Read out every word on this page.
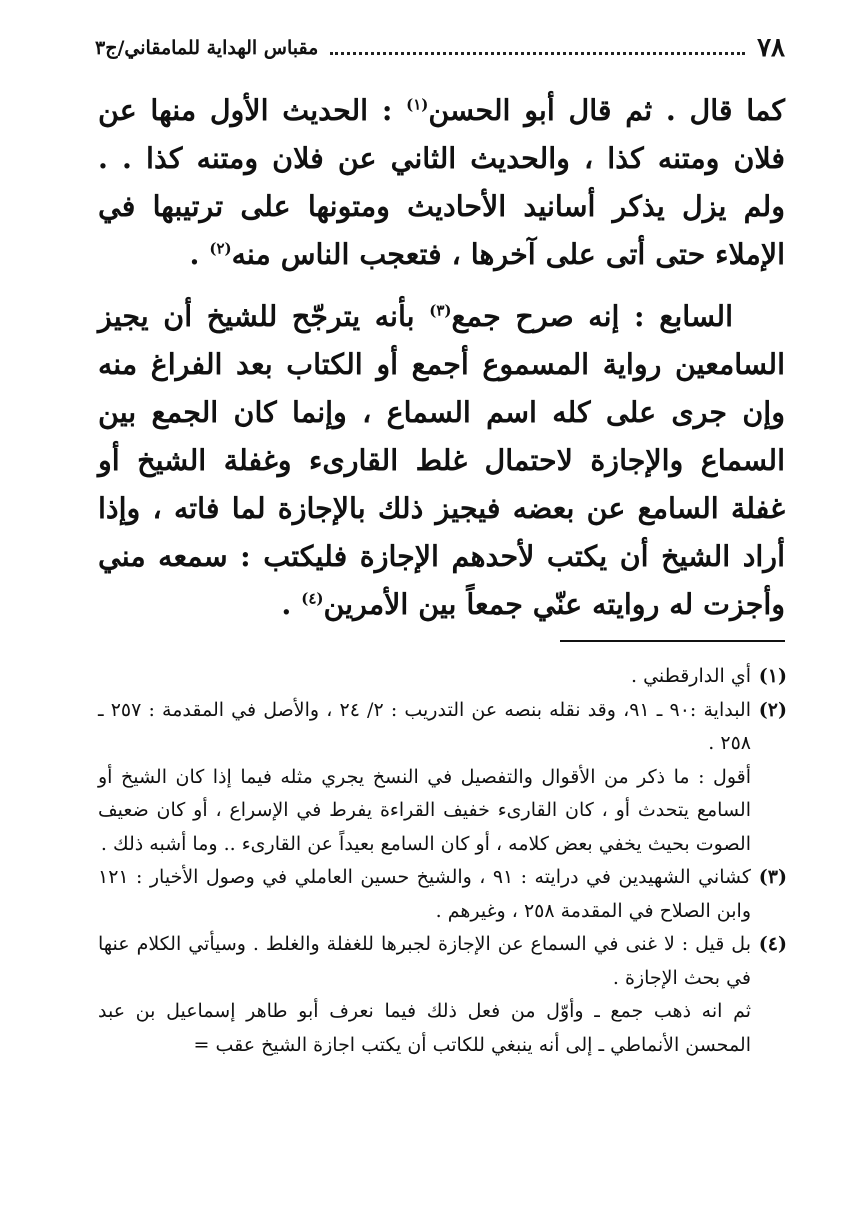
٧٨
مقباس الهداية للمامقاني/ج٣

كما قال . ثم قال أبو الحسن$^{(١)}$ : الحديث الأول منها عن فلان ومتنه كذا ، والحديث الثاني عن فلان ومتنه كذا . . ولم يزل يذكر أسانيد الأحاديث ومتونها على ترتيبها في الإملاء حتى أتى على آخرها ، فتعجب الناس منه$^{(٢)}$ .

السابع : إنه صرح جمع$^{(٣)}$ بأنه يترجّح للشيخ أن يجيز السامعين رواية المسموع أجمع أو الكتاب بعد الفراغ منه وإن جرى على كله اسم السماع ، وإنما كان الجمع بين السماع والإجازة لاحتمال غلط القارىء وغفلة الشيخ أو غفلة السامع عن بعضه فيجيز ذلك بالإجازة لما فاته ، وإذا أراد الشيخ أن يكتب لأحدهم الإجازة فليكتب : سمعه مني وأجزت له روايته عنّي جمعاً بين الأمرين$^{(٤)}$ .

(١)
أي الدارقطني .
(٢)
البداية :٩٠ ـ ٩١، وقد نقله بنصه عن التدريب : ٢/ ٢٤ ، والأصل في المقدمة : ٢٥٧ ـ ٢٥٨ .
أقول : ما ذكر من الأقوال والتفصيل في النسخ يجري مثله فيما إذا كان الشيخ أو السامع يتحدث أو ، كان القارىء خفيف القراءة يفرط في الإسراع ، أو كان ضعيف الصوت بحيث يخفي بعض كلامه ، أو كان السامع بعيداً عن القارىء .. وما أشبه ذلك .
(٣)
كشاني الشهيدين في درايته : ٩١ ، والشيخ حسين العاملي في وصول الأخيار : ١٢١ وابن الصلاح في المقدمة ٢٥٨ ، وغيرهم .
(٤)
بل قيل : لا غنى في السماع عن الإجازة لجبرها للغفلة والغلط . وسيأتي الكلام عنها في بحث الإجازة .
ثم انه ذهب جمع ـ وأوّل من فعل ذلك فيما نعرف أبو طاهر إسماعيل بن عبد المحسن الأنماطي ـ إلى أنه ينبغي للكاتب أن يكتب اجازة الشيخ عقب =
